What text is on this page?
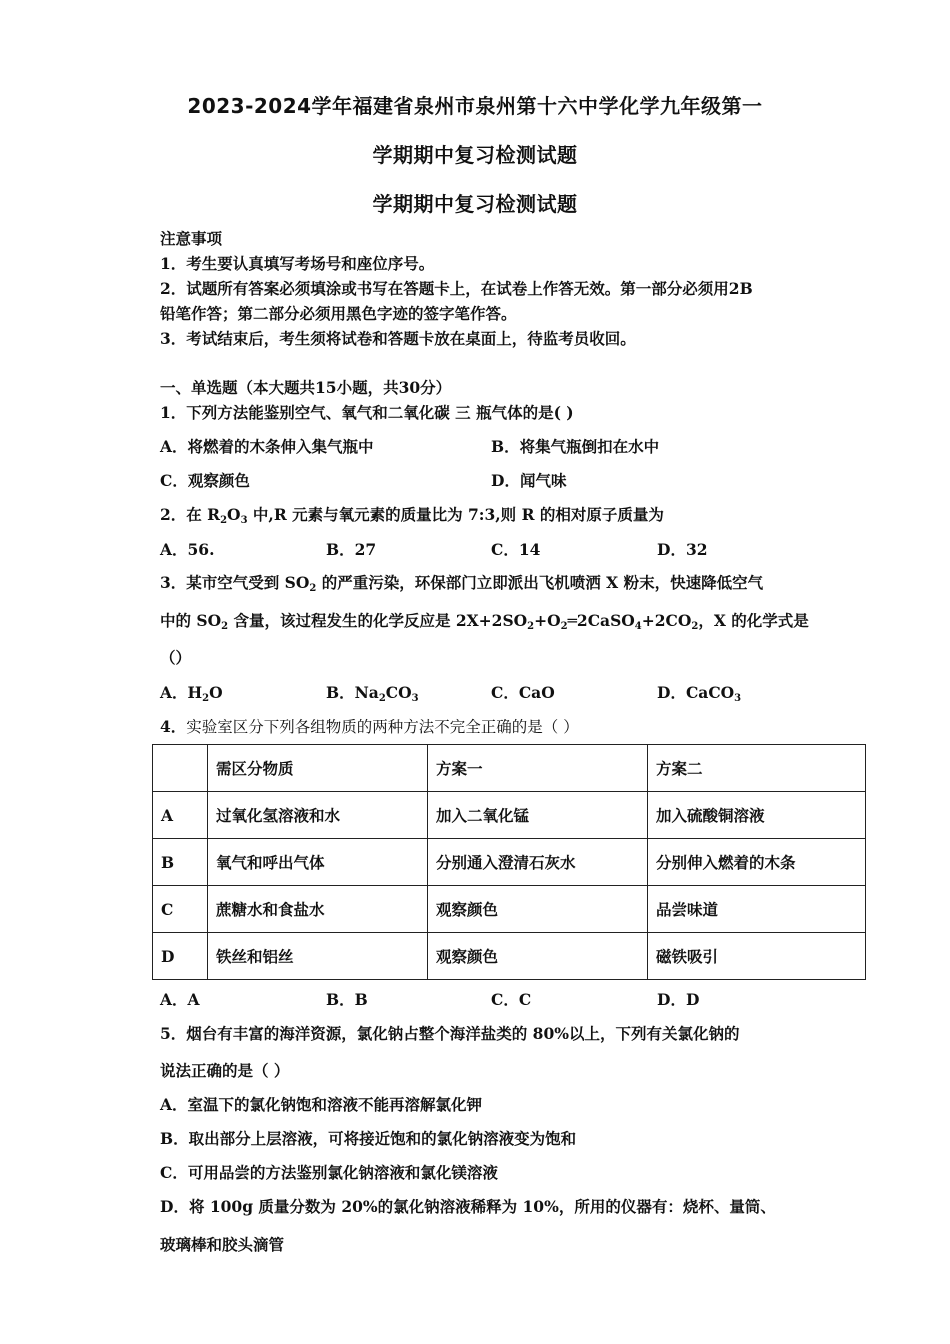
2023-2024学年福建省泉州市泉州第十六中学化学九年级第一
学期期中复习检测试题
学期期中复习检测试题
注意事项
1．考生要认真填写考场号和座位序号。
2．试题所有答案必须填涂或书写在答题卡上，在试卷上作答无效。第一部分必须用2B
铅笔作答；第二部分必须用黑色字迹的签字笔作答。
3．考试结束后，考生须将试卷和答题卡放在桌面上，待监考员收回。
一、单选题（本大题共15小题，共30分）
1．下列方法能鉴别空气、氧气和二氧化碳 三 瓶气体的是( )
A．将燃着的木条伸入集气瓶中	B．将集气瓶倒扣在水中
C．观察颜色	D．闻气味
2．在 $R_2O_3$ 中,R 元素与氧元素的质量比为 7:3,则 R 的相对原子质量为
A．56.	B．27	C．14	D．32
3．某市空气受到 $SO_2$ 的严重污染，环保部门立即派出飞机喷洒 X 粉末，快速降低空气
中的 $SO_2$ 含量，该过程发生的化学反应是 $2X+2SO_2+O_2═2CaSO_4+2CO_2$，X 的化学式是
（）
A．$H_2O$	B．$Na_2CO_3$	C．CaO	D．CaCO$_3$
4．实验室区分下列各组物质的两种方法不完全正确的是（ ）
	需区分物质	方案一	方案二
A	过氧化氢溶液和水	加入二氧化锰	加入硫酸铜溶液
B	氧气和呼出气体	分别通入澄清石灰水	分别伸入燃着的木条
C	蔗糖水和食盐水	观察颜色	品尝味道
D	铁丝和铝丝	观察颜色	磁铁吸引
A．A	B．B	C．C	D．D
5．烟台有丰富的海洋资源，氯化钠占整个海洋盐类的 80%以上，下列有关氯化钠的
说法正确的是（ ）
A．室温下的氯化钠饱和溶液不能再溶解氯化钾
B．取出部分上层溶液，可将接近饱和的氯化钠溶液变为饱和
C．可用品尝的方法鉴别氯化钠溶液和氯化镁溶液
D．将 100g 质量分数为 20%的氯化钠溶液稀释为 10%，所用的仪器有：烧杯、量筒、
玻璃棒和胶头滴管
